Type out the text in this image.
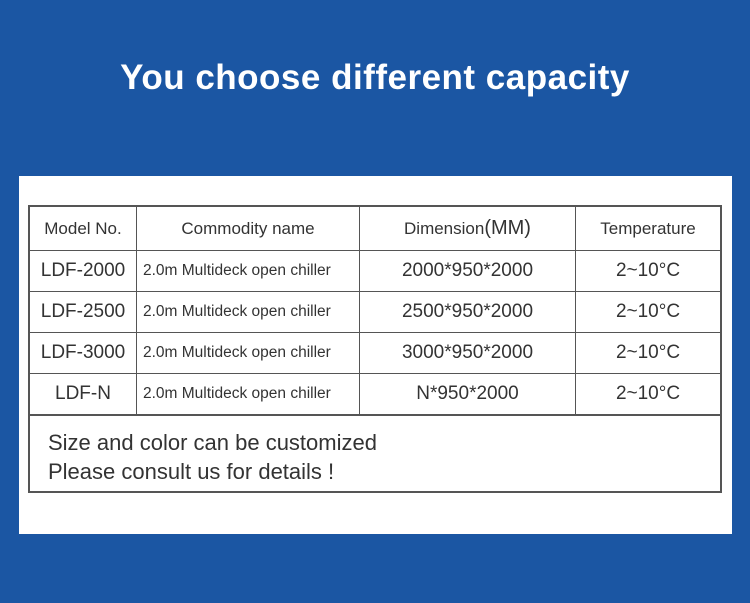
You choose different capacity
Model No.	Commodity name	Dimension(MM)	Temperature
LDF-2000	2.0m Multideck open chiller	2000*950*2000	2~10°C
LDF-2500	2.0m Multideck open chiller	2500*950*2000	2~10°C
LDF-3000	2.0m Multideck open chiller	3000*950*2000	2~10°C
LDF-N	2.0m Multideck open chiller	N*950*2000	2~10°C
Size and color can be customized
Please consult us for details !
